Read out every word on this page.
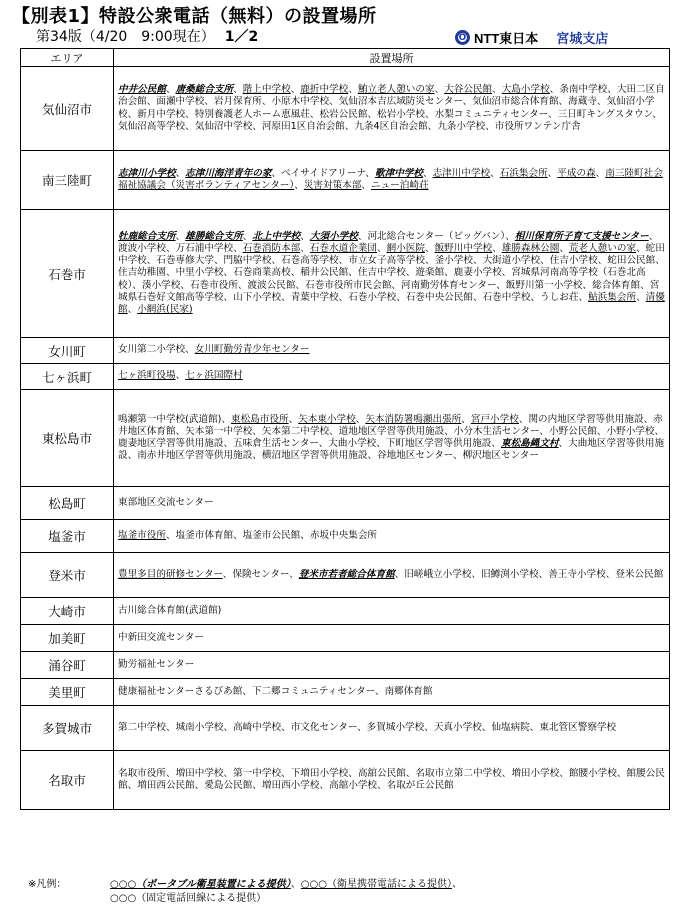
【別表1】特設公衆電話（無料）の設置場所
第34版（4/20　9:00現在） 1／2	O NTT東日本 宮城支店
エリア	設置場所
気仙沼市	中井公民館、唐桑総合支所、階上中学校、鹿折中学校、鮪立老人憩いの家、大谷公民館、大島小学校、条南中学校、大田二区自治会館、面瀬中学校、岩月保育所、小原木中学校、気仙沼本吉広域防災センター、気仙沼市総合体育館、海蔵寺、気仙沼小学校、新月中学校、特別養護老人ホーム恵風荘、松岩公民館、松岩小学校、水梨コミュニティセンター、三日町キングスタウン、気仙沼高等学校、気仙沼中学校、河原田1区自治会館、九条4区自治会館、九条小学校、市役所ワンテン庁舎
南三陸町	志津川小学校、志津川海洋青年の家、ベイサイドアリーナ、歌津中学校、志津川中学校、石浜集会所、平成の森、南三陸町社会福祉協議会（災害ボランティアセンター）、災害対策本部、ニュー泊崎荘
石巻市	牡鹿総合支所、雄勝総合支所、北上中学校、大須小学校、河北総合センター（ビッグバン）、相川保育所子育て支援センター、渡波小学校、万石浦中学校、石巻消防本部、石巻水道企業団、網小医院、飯野川中学校、雄勝森林公園、荒老人憩いの家、蛇田中学校、石巻専修大学、門脇中学校、石巻高等学校、市立女子高等学校、釜小学校、大街道小学校、住吉小学校、蛇田公民館、住吉幼稚園、中里小学校、石巻商業高校、稲井公民館、住吉中学校、遊楽館、鹿妻小学校、宮城県河南高等学校（石巻北高校）、湊小学校、石巻市役所、渡波公民館、石巻市役所市民会館、河南勤労体育センター、飯野川第一小学校、総合体育館、宮城県石巻好文館高等学校、山下小学校、青葉中学校、石巻小学校、石巻中央公民館、石巻中学校、うしお荘、鮎浜集会所、清優館、小網浜(民家)
女川町	女川第二小学校、女川町勤労青少年センター
七ヶ浜町	七ヶ浜町役場、七ヶ浜国際村
東松島市	鳴瀬第一中学校(武道館)、東松島市役所、矢本東小学校、矢本消防署鳴瀬出張所、宮戸小学校、関の内地区学習等供用施設、赤井地区体育館、矢本第一中学校、矢本第二中学校、道地地区学習等供用施設、小分木生活センター、小野公民館、小野小学校、鹿妻地区学習等供用施設、五味倉生活センター、大曲小学校、下町地区学習等供用施設、東松島縄文村、大曲地区学習等供用施設、南赤井地区学習等供用施設、横沼地区学習等供用施設、谷地地区センター、柳沢地区センター
松島町	東部地区交流センター
塩釜市	塩釜市役所、塩釜市体育館、塩釜市公民館、赤坂中央集会所
登米市	豊里多目的研修センター、保険センター、登米市若者総合体育館、旧嵯峨立小学校、旧鱒渕小学校、善王寺小学校、登米公民館
大崎市	古川総合体育館(武道館)
加美町	中新田交流センター
涌谷町	勤労福祉センター
美里町	健康福祉センターさるびあ館、下二郷コミュニティセンター、南郷体育館
多賀城市	第二中学校、城南小学校、高崎中学校、市文化センター、多賀城小学校、天真小学校、仙塩病院、東北管区警察学校
名取市	名取市役所、増田中学校、第一中学校、下増田小学校、高舘公民館、名取市立第二中学校、増田小学校、館腰小学校、館腰公民館、増田西公民館、愛島公民館、増田西小学校、高舘小学校、名取が丘公民館
※凡例：	○○○（ポータブル衛星装置による提供）、○○○（衛星携帯電話による提供）、
○○○（固定電話回線による提供）
